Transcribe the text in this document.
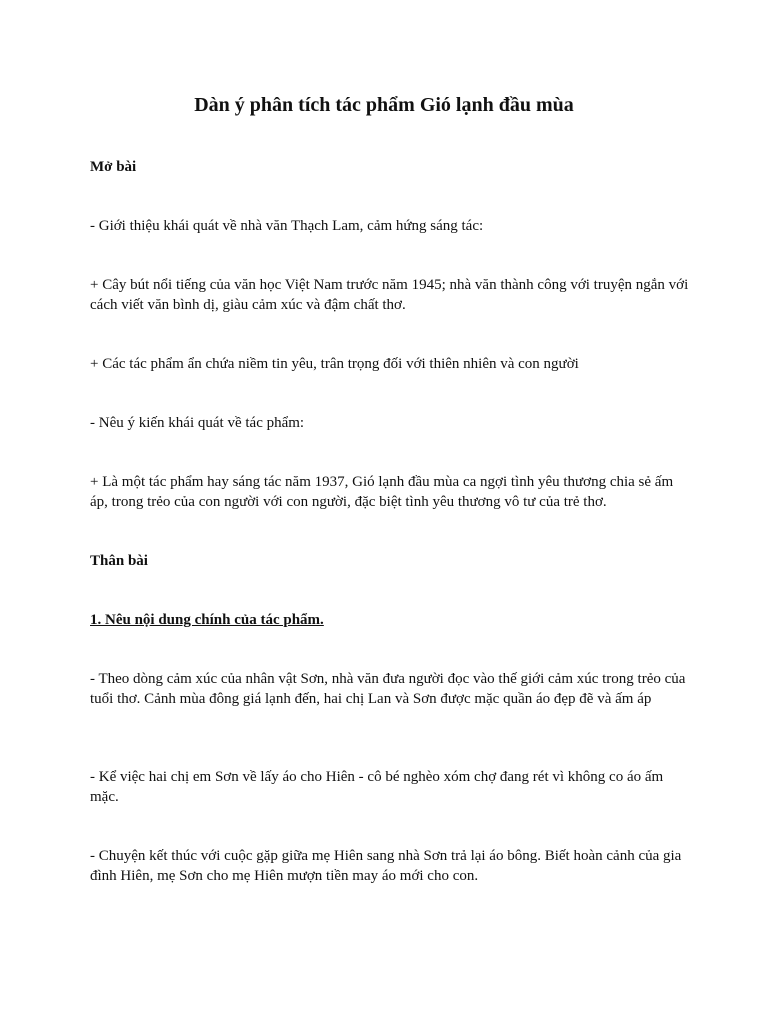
Dàn ý phân tích tác phẩm Gió lạnh đầu mùa

Mở bài

- Giới thiệu khái quát về nhà văn Thạch Lam, cảm hứng sáng tác:

+ Cây bút nổi tiếng của văn học Việt Nam trước năm 1945; nhà văn thành công với truyện ngắn với cách viết văn bình dị, giàu cảm xúc và đậm chất thơ.

+ Các tác phẩm ẩn chứa niềm tin yêu, trân trọng đối với thiên nhiên và con người

- Nêu ý kiến khái quát về tác phẩm:

+ Là một tác phẩm hay sáng tác năm 1937, Gió lạnh đầu mùa ca ngợi tình yêu thương chia sẻ ấm áp, trong trẻo của con người với con người, đặc biệt tình yêu thương vô tư của trẻ thơ.

Thân bài

1. Nêu nội dung chính của tác phẩm.

- Theo dòng cảm xúc của nhân vật Sơn, nhà văn đưa người đọc vào thế giới cảm xúc trong trẻo của tuổi thơ. Cảnh mùa đông giá lạnh đến, hai chị Lan và Sơn được mặc quần áo đẹp đẽ và ấm áp

- Kể việc hai chị em Sơn về lấy áo cho Hiên - cô bé nghèo xóm chợ đang rét vì không co áo ấm mặc.

- Chuyện kết thúc với cuộc gặp giữa mẹ Hiên sang nhà Sơn trả lại áo bông. Biết hoàn cảnh của gia đình Hiên, mẹ Sơn cho mẹ Hiên mượn tiền may áo mới cho con.
